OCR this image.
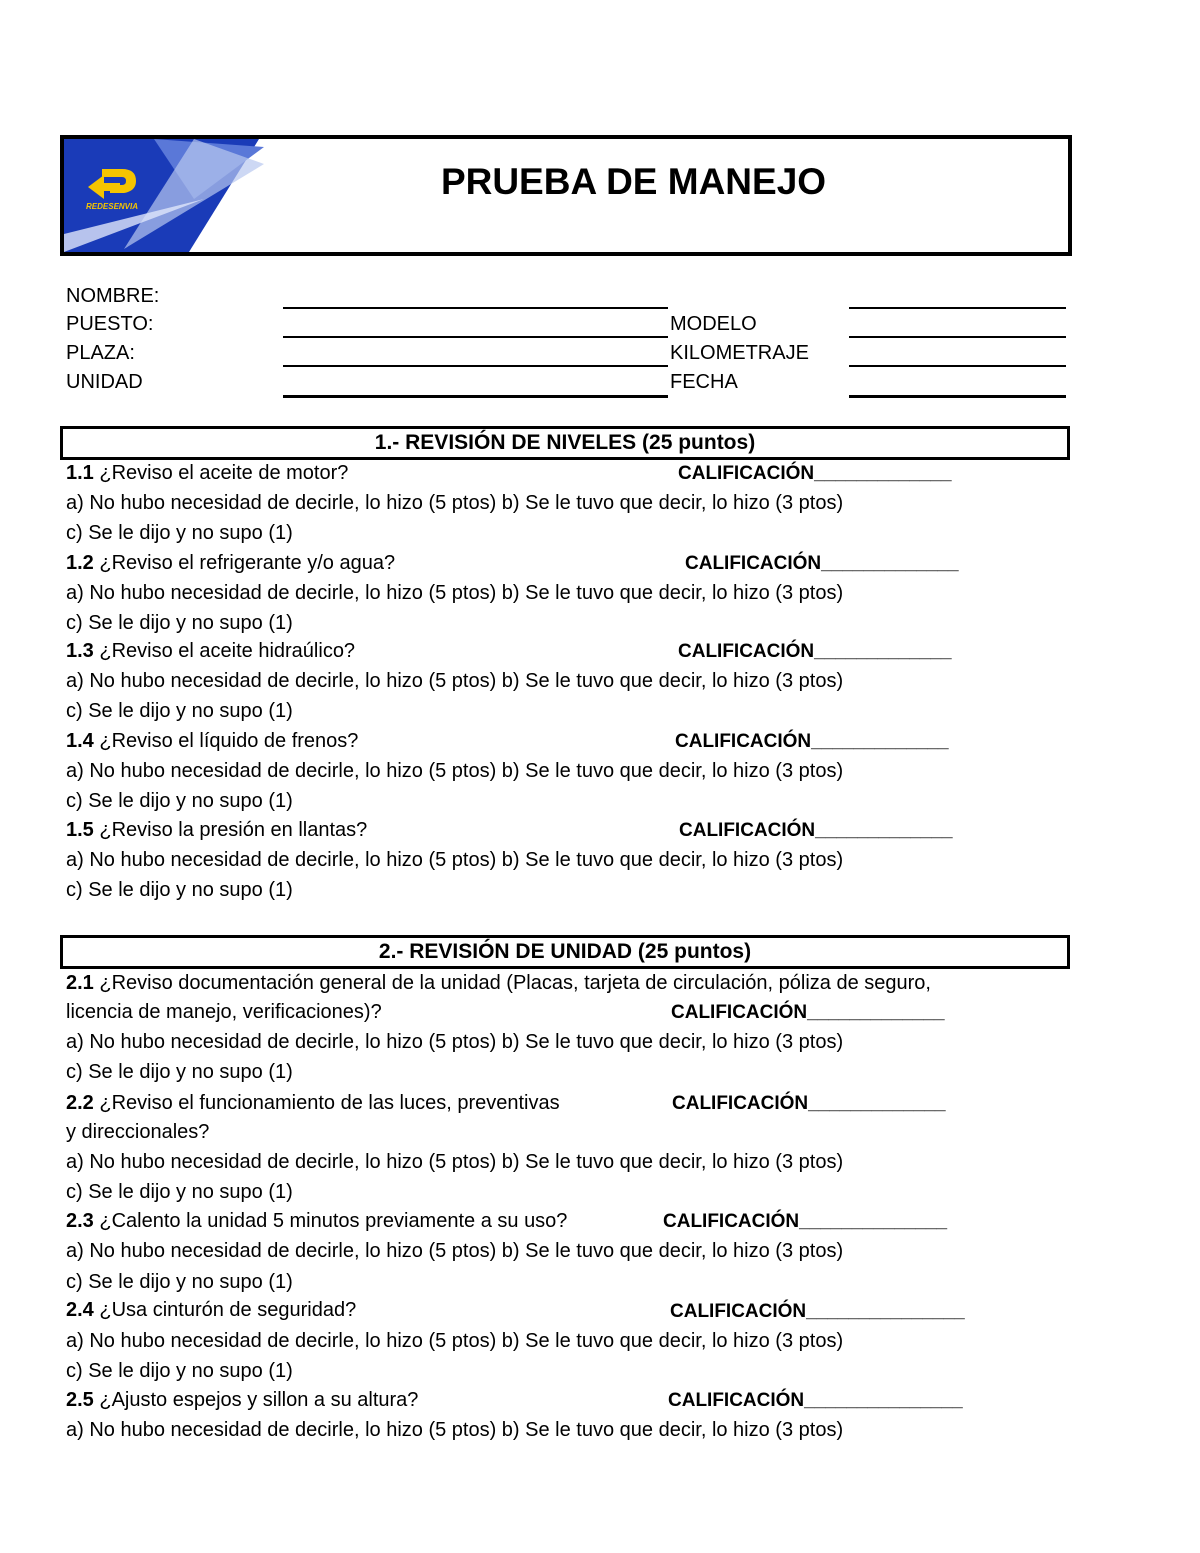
REDESENVIA
PRUEBA DE MANEJO
NOMBRE:
PUESTO:
PLAZA:
UNIDAD
MODELO
KILOMETRAJE
FECHA
1.- REVISIÓN DE NIVELES (25 puntos)
1.1 ¿Reviso el aceite de motor?	CALIFICACIÓN_____________
a) No hubo necesidad de decirle, lo hizo (5 ptos) b) Se le tuvo que decir, lo hizo (3 ptos)
c) Se le dijo y no supo (1)
1.2 ¿Reviso el refrigerante y/o agua?	CALIFICACIÓN_____________
a) No hubo necesidad de decirle, lo hizo (5 ptos) b) Se le tuvo que decir, lo hizo (3 ptos)
c) Se le dijo y no supo (1)
1.3 ¿Reviso el aceite hidraúlico?	CALIFICACIÓN_____________
a) No hubo necesidad de decirle, lo hizo (5 ptos) b) Se le tuvo que decir, lo hizo (3 ptos)
c) Se le dijo y no supo (1)
1.4 ¿Reviso el líquido de frenos?	CALIFICACIÓN_____________
a) No hubo necesidad de decirle, lo hizo (5 ptos) b) Se le tuvo que decir, lo hizo (3 ptos)
c) Se le dijo y no supo (1)
1.5 ¿Reviso la presión en llantas?	CALIFICACIÓN_____________
a) No hubo necesidad de decirle, lo hizo (5 ptos) b) Se le tuvo que decir, lo hizo (3 ptos)
c) Se le dijo y no supo (1)
2.- REVISIÓN DE UNIDAD (25 puntos)
2.1 ¿Reviso documentación general de la unidad (Placas, tarjeta de circulación, póliza de seguro,
licencia de manejo, verificaciones)?	CALIFICACIÓN_____________
a) No hubo necesidad de decirle, lo hizo (5 ptos) b) Se le tuvo que decir, lo hizo (3 ptos)
c) Se le dijo y no supo (1)
2.2 ¿Reviso el funcionamiento de las luces, preventivas	CALIFICACIÓN_____________
y direccionales?
a) No hubo necesidad de decirle, lo hizo (5 ptos) b) Se le tuvo que decir, lo hizo (3 ptos)
c) Se le dijo y no supo (1)
2.3 ¿Calento la unidad 5 minutos previamente a su uso?	CALIFICACIÓN______________
a) No hubo necesidad de decirle, lo hizo (5 ptos) b) Se le tuvo que decir, lo hizo (3 ptos)
c) Se le dijo y no supo (1)
2.4 ¿Usa cinturón de seguridad?	CALIFICACIÓN_______________
a) No hubo necesidad de decirle, lo hizo (5 ptos) b) Se le tuvo que decir, lo hizo (3 ptos)
c) Se le dijo y no supo (1)
2.5 ¿Ajusto espejos y sillon a su altura?	CALIFICACIÓN_______________
a) No hubo necesidad de decirle, lo hizo (5 ptos) b) Se le tuvo que decir, lo hizo (3 ptos)
